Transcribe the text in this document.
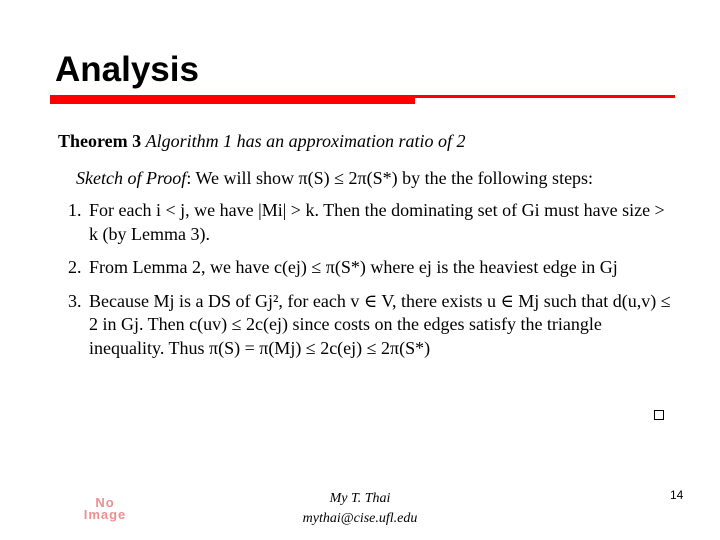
Analysis
Theorem 3 Algorithm 1 has an approximation ratio of 2
Sketch of Proof: We will show π(S) ≤ 2π(S*) by the the following steps:
1. For each i < j, we have |Mi| > k. Then the dominating set of Gi must have size > k (by Lemma 3).
2. From Lemma 2, we have c(ej) ≤ π(S*) where ej is the heaviest edge in Gj
3. Because Mj is a DS of Gj², for each v ∈ V, there exists u ∈ Mj such that d(u,v) ≤ 2 in Gj. Then c(uv) ≤ 2c(ej) since costs on the edges satisfy the triangle inequality. Thus π(S) = π(Mj) ≤ 2c(ej) ≤ 2π(S*)
No
Image
My T. Thai
mythai@cise.ufl.edu
14
